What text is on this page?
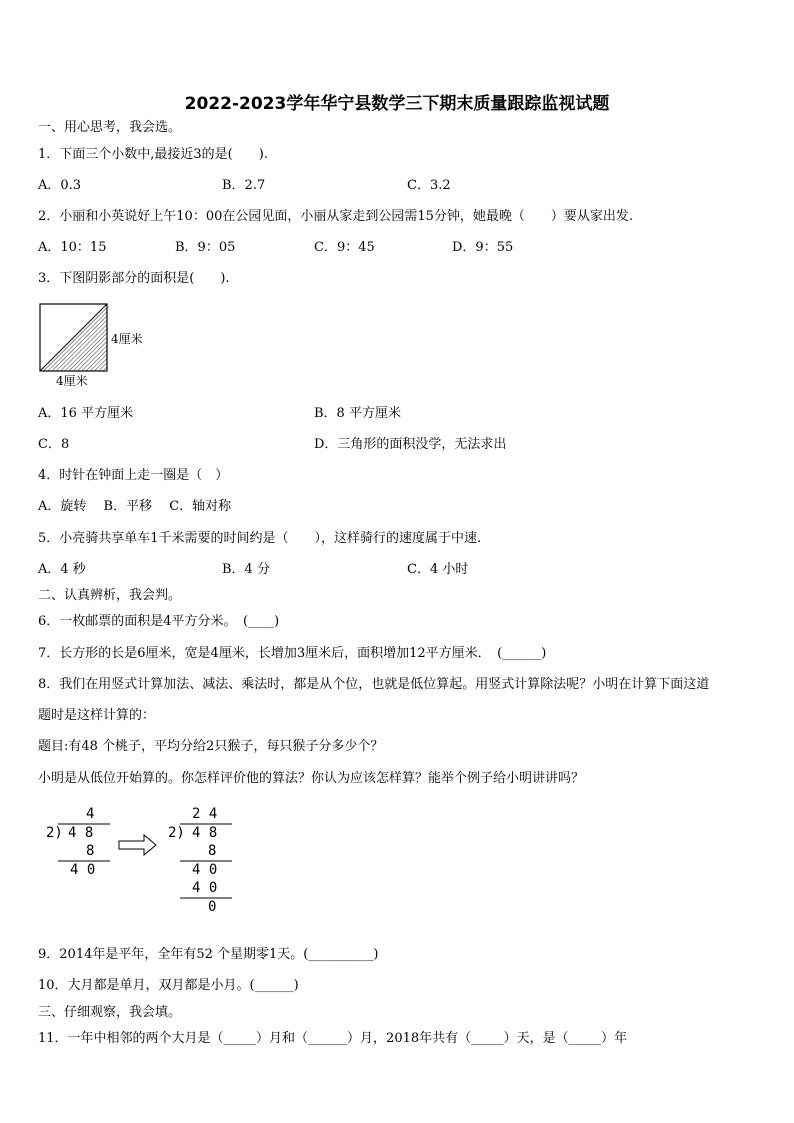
2022-2023学年华宁县数学三下期末质量跟踪监视试题
一、用心思考，我会选。
1．下面三个小数中,最接近3的是(　　).
A．0.3	B．2.7	C．3.2
2．小丽和小英说好上午10：00在公园见面，小丽从家走到公园需15分钟，她最晚（　　）要从家出发.
A．10：15	B．9：05	C．9：45	D．9：55
3．下图阴影部分的面积是(　　).
4厘米
4厘米
A．16 平方厘米	B．8 平方厘米
C．8	D．三角形的面积没学，无法求出
4．时针在钟面上走一圈是（　）
A．旋转　 B．平移　 C．轴对称
5．小亮骑共享单车1千米需要的时间约是（　　），这样骑行的速度属于中速.
A．4 秒	B．4 分	C．4 小时
二、认真辨析，我会判。
6．一枚邮票的面积是4平方分米。　(____)
7．长方形的长是6厘米，宽是4厘米，长增加3厘米后，面积增加12平方厘米．　(______)
8．我们在用竖式计算加法、减法、乘法时，都是从个位，也就是低位算起。用竖式计算除法呢？小明在计算下面这道
题时是这样计算的：
题目:有48 个桃子，平均分给2只猴子，每只猴子分多少个？
小明是从低位开始算的。你怎样评价他的算法？你认为应该怎样算？能举个例子给小明讲讲吗？
4
2) 4 8
8
4 0
2 4
2) 4 8
8
4 0
4 0
0
9．2014年是平年，全年有52 个星期零1天。(__________)
10．大月都是单月，双月都是小月。(______)
三、仔细观察，我会填。
11．一年中相邻的两个大月是（_____）月和（______）月，2018年共有（_____）天，是（_____）年
